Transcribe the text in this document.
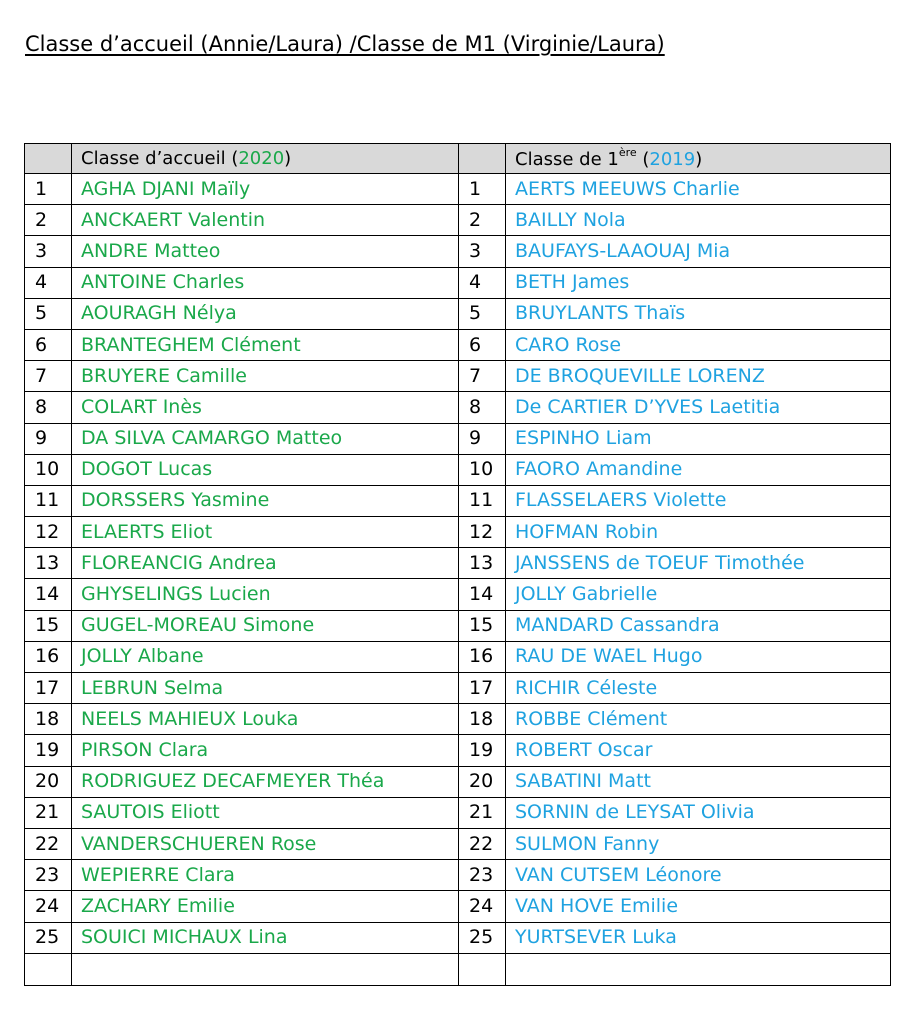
Classe d’accueil (Annie/Laura) /Classe de M1 (Virginie/Laura)
	Classe d’accueil (2020)		Classe de 1ère (2019)
1	AGHA DJANI Maïly	1	AERTS MEEUWS Charlie
2	ANCKAERT Valentin	2	BAILLY Nola
3	ANDRE Matteo	3	BAUFAYS-LAAOUAJ Mia
4	ANTOINE Charles	4	BETH James
5	AOURAGH Nélya	5	BRUYLANTS Thaïs
6	BRANTEGHEM Clément	6	CARO Rose
7	BRUYERE Camille	7	DE BROQUEVILLE LORENZ
8	COLART Inès	8	De CARTIER D’YVES Laetitia
9	DA SILVA CAMARGO Matteo	9	ESPINHO Liam
10	DOGOT Lucas	10	FAORO Amandine
11	DORSSERS Yasmine	11	FLASSELAERS Violette
12	ELAERTS Eliot	12	HOFMAN Robin
13	FLOREANCIG Andrea	13	JANSSENS de TOEUF Timothée
14	GHYSELINGS Lucien	14	JOLLY Gabrielle
15	GUGEL-MOREAU Simone	15	MANDARD Cassandra
16	JOLLY Albane	16	RAU DE WAEL Hugo
17	LEBRUN Selma	17	RICHIR Céleste
18	NEELS MAHIEUX Louka	18	ROBBE Clément
19	PIRSON Clara	19	ROBERT Oscar
20	RODRIGUEZ DECAFMEYER Théa	20	SABATINI Matt
21	SAUTOIS Eliott	21	SORNIN de LEYSAT Olivia
22	VANDERSCHUEREN Rose	22	SULMON Fanny
23	WEPIERRE Clara	23	VAN CUTSEM Léonore
24	ZACHARY Emilie	24	VAN HOVE Emilie
25	SOUICI MICHAUX Lina	25	YURTSEVER Luka
